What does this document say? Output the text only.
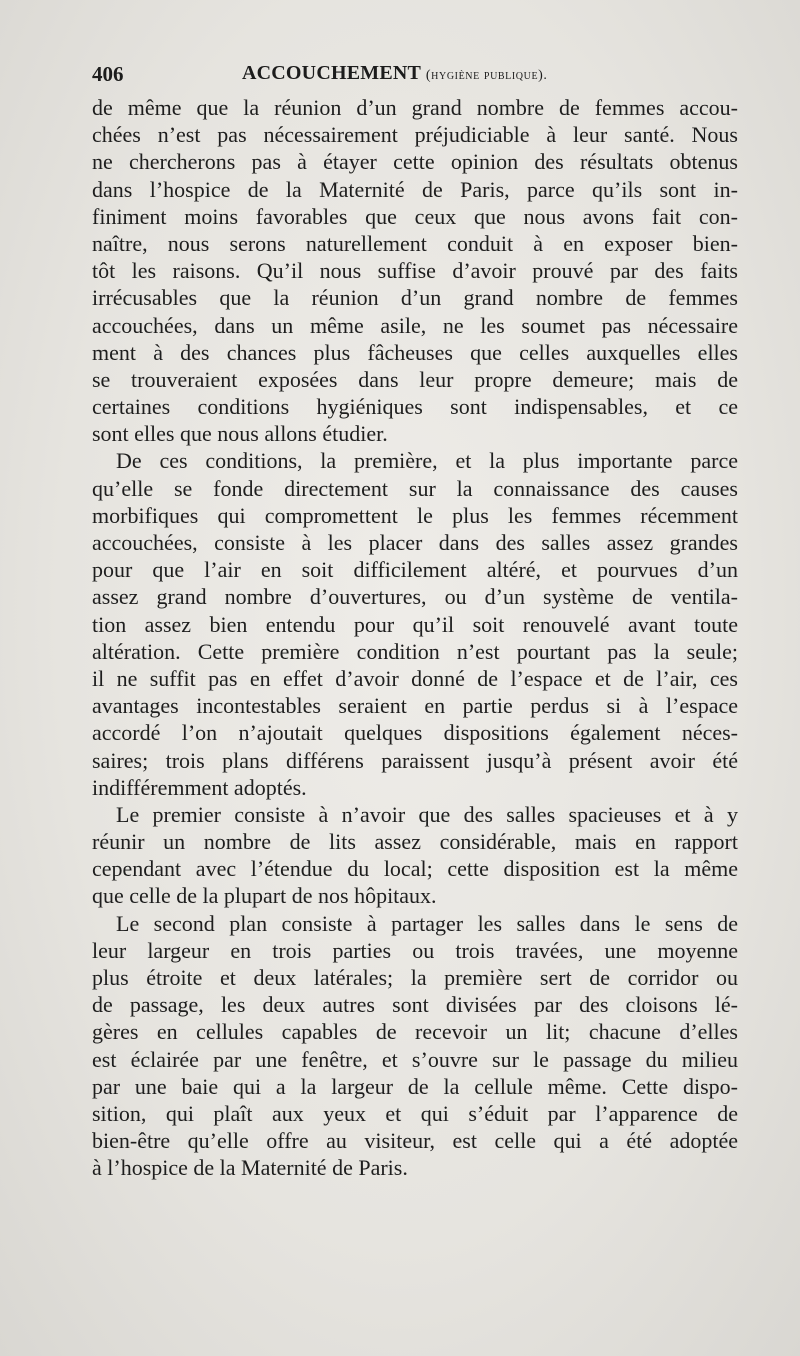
406	ACCOUCHEMENT (hygiène publique).
de même que la réunion d’un grand nombre de femmes accou-
chées n’est pas nécessairement préjudiciable à leur santé. Nous
ne chercherons pas à étayer cette opinion des résultats obtenus
dans l’hospice de la Maternité de Paris, parce qu’ils sont in-
finiment moins favorables que ceux que nous avons fait con-
naître, nous serons naturellement conduit à en exposer bien-
tôt les raisons. Qu’il nous suffise d’avoir prouvé par des faits
irrécusables que la réunion d’un grand nombre de femmes
accouchées, dans un même asile, ne les soumet pas nécessaire
ment à des chances plus fâcheuses que celles auxquelles elles
se trouveraient exposées dans leur propre demeure; mais de
certaines conditions hygiéniques sont indispensables, et ce
sont elles que nous allons étudier.
De ces conditions, la première, et la plus importante parce
qu’elle se fonde directement sur la connaissance des causes
morbifiques qui compromettent le plus les femmes récemment
accouchées, consiste à les placer dans des salles assez grandes
pour que l’air en soit difficilement altéré, et pourvues d’un
assez grand nombre d’ouvertures, ou d’un système de ventila-
tion assez bien entendu pour qu’il soit renouvelé avant toute
altération. Cette première condition n’est pourtant pas la seule;
il ne suffit pas en effet d’avoir donné de l’espace et de l’air, ces
avantages incontestables seraient en partie perdus si à l’espace
accordé l’on n’ajoutait quelques dispositions également néces-
saires; trois plans différens paraissent jusqu’à présent avoir été
indifféremment adoptés.
Le premier consiste à n’avoir que des salles spacieuses et à y
réunir un nombre de lits assez considérable, mais en rapport
cependant avec l’étendue du local; cette disposition est la même
que celle de la plupart de nos hôpitaux.
Le second plan consiste à partager les salles dans le sens de
leur largeur en trois parties ou trois travées, une moyenne
plus étroite et deux latérales; la première sert de corridor ou
de passage, les deux autres sont divisées par des cloisons lé-
gères en cellules capables de recevoir un lit; chacune d’elles
est éclairée par une fenêtre, et s’ouvre sur le passage du milieu
par une baie qui a la largeur de la cellule même. Cette dispo-
sition, qui plaît aux yeux et qui s’éduit par l’apparence de
bien-être qu’elle offre au visiteur, est celle qui a été adoptée
à l’hospice de la Maternité de Paris.
